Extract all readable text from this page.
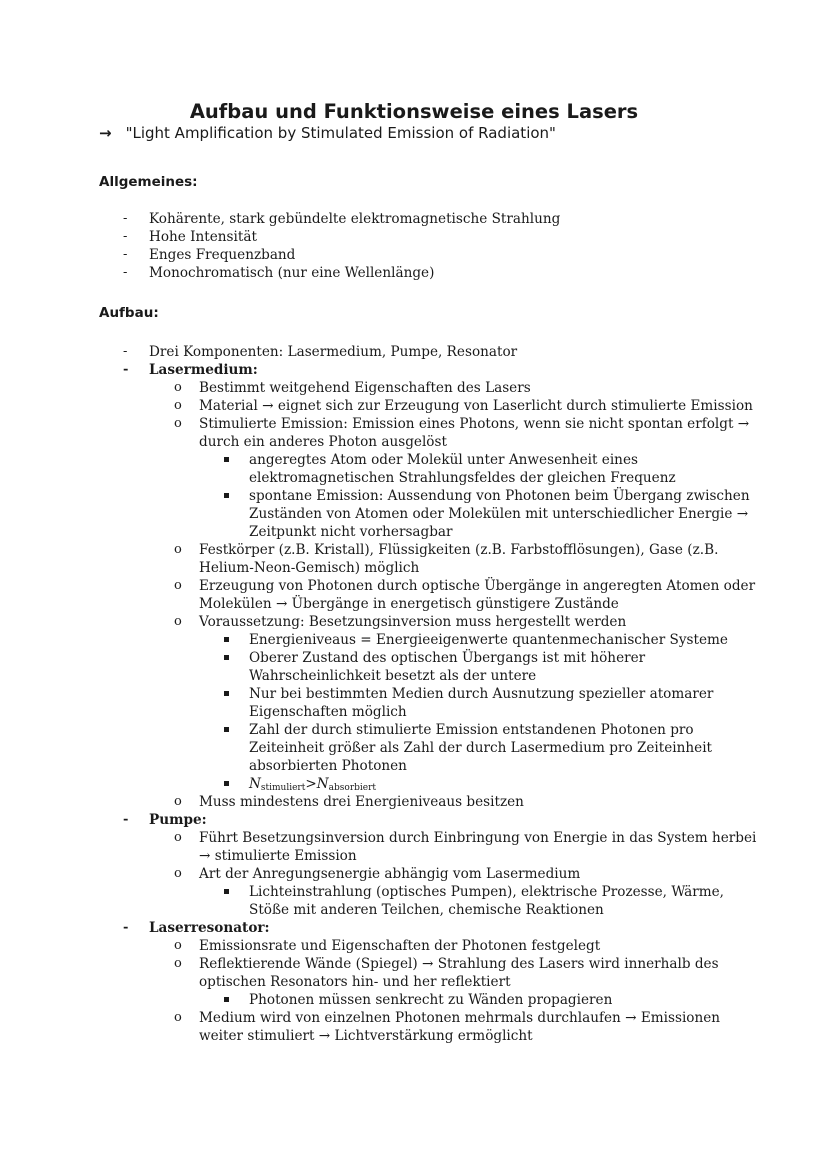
Aufbau und Funktionsweise eines Lasers
→ "Light Amplification by Stimulated Emission of Radiation"
Allgemeines:
- Kohärente, stark gebündelte elektromagnetische Strahlung
- Hohe Intensität
- Enges Frequenzband
- Monochromatisch (nur eine Wellenlänge)
Aufbau:
- Drei Komponenten: Lasermedium, Pumpe, Resonator
- Lasermedium:
o Bestimmt weitgehend Eigenschaften des Lasers
o Material → eignet sich zur Erzeugung von Laserlicht durch stimulierte Emission
o Stimulierte Emission: Emission eines Photons, wenn sie nicht spontan erfolgt →
durch ein anderes Photon ausgelöst
angeregtes Atom oder Molekül unter Anwesenheit eines
elektromagnetischen Strahlungsfeldes der gleichen Frequenz
spontane Emission: Aussendung von Photonen beim Übergang zwischen
Zuständen von Atomen oder Molekülen mit unterschiedlicher Energie →
Zeitpunkt nicht vorhersagbar
o Festkörper (z.B. Kristall), Flüssigkeiten (z.B. Farbstofflösungen), Gase (z.B.
Helium-Neon-Gemisch) möglich
o Erzeugung von Photonen durch optische Übergänge in angeregten Atomen oder
Molekülen → Übergänge in energetisch günstigere Zustände
o Voraussetzung: Besetzungsinversion muss hergestellt werden
Energieniveaus = Energieeigenwerte quantenmechanischer Systeme
Oberer Zustand des optischen Übergangs ist mit höherer
Wahrscheinlichkeit besetzt als der untere
Nur bei bestimmten Medien durch Ausnutzung spezieller atomarer
Eigenschaften möglich
Zahl der durch stimulierte Emission entstandenen Photonen pro
Zeiteinheit größer als Zahl der durch Lasermedium pro Zeiteinheit
absorbierten Photonen
$N_{stimuliert}>N_{absorbiert}$
o Muss mindestens drei Energieniveaus besitzen
- Pumpe:
o Führt Besetzungsinversion durch Einbringung von Energie in das System herbei
→ stimulierte Emission
o Art der Anregungsenergie abhängig vom Lasermedium
Lichteinstrahlung (optisches Pumpen), elektrische Prozesse, Wärme,
Stöße mit anderen Teilchen, chemische Reaktionen
- Laserresonator:
o Emissionsrate und Eigenschaften der Photonen festgelegt
o Reflektierende Wände (Spiegel) → Strahlung des Lasers wird innerhalb des
optischen Resonators hin- und her reflektiert
Photonen müssen senkrecht zu Wänden propagieren
o Medium wird von einzelnen Photonen mehrmals durchlaufen → Emissionen
weiter stimuliert → Lichtverstärkung ermöglicht
